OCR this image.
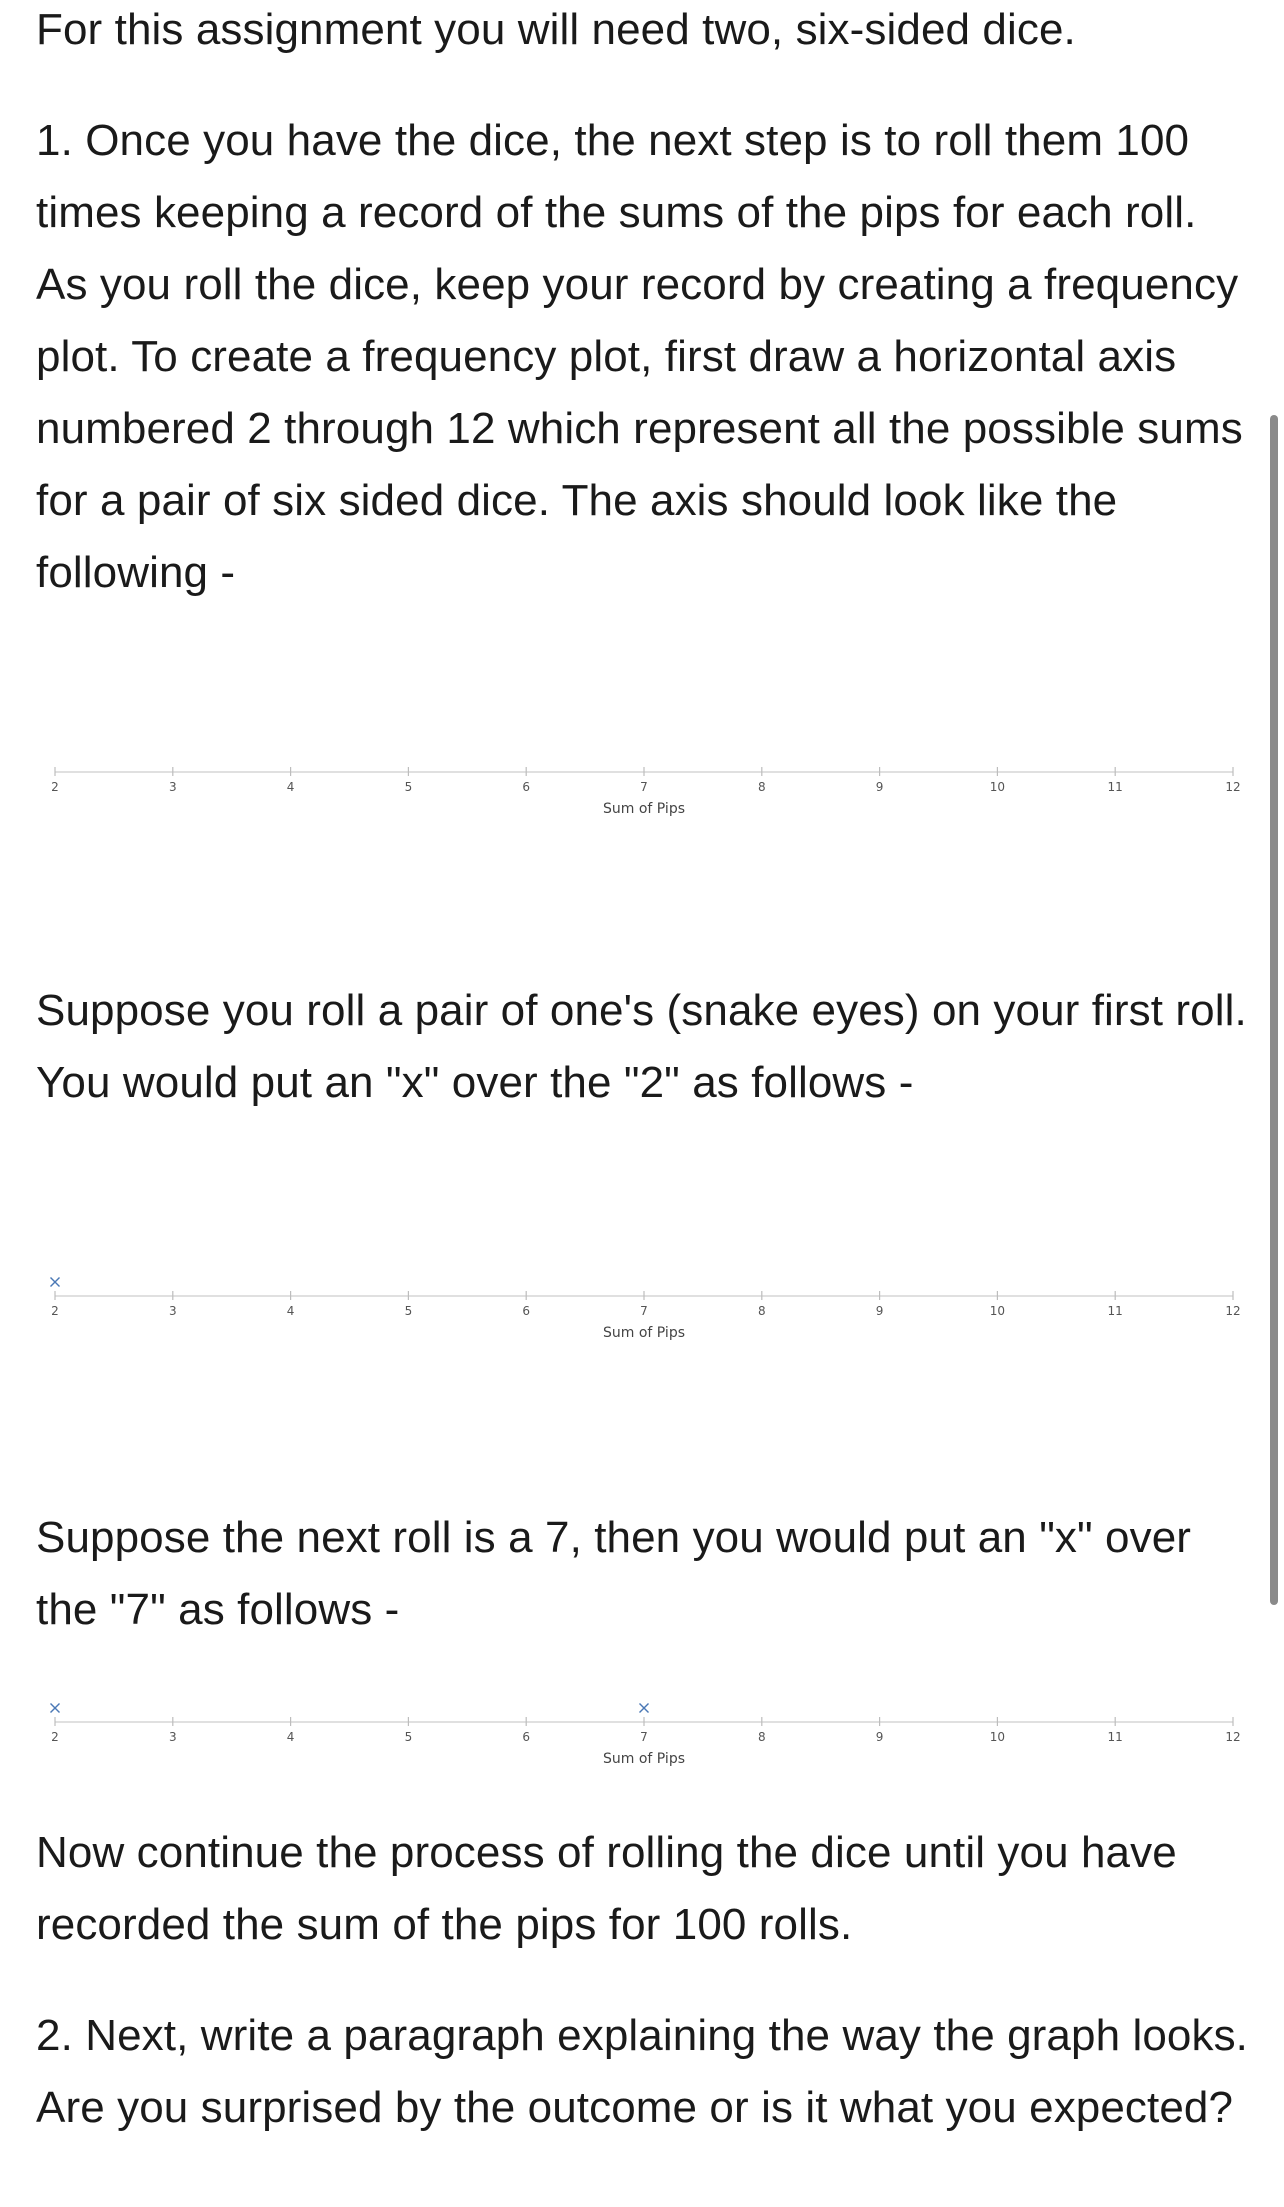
For this assignment you will need two, six-sided dice.

1. Once you have the dice, the next step is to roll them 100 times keeping a record of the sums of the pips for each roll. As you roll the dice, keep your record by creating a frequency plot. To create a frequency plot, first draw a horizontal axis numbered 2 through 12 which represent all the possible sums for a pair of six sided dice. The axis should look like the following -

2	3	4	5	6	7	8	9	10	11	12
Sum of Pips

Suppose you roll a pair of one's (snake eyes) on your first roll. You would put an "x" over the "2" as follows -

2	3	4	5	6	7	8	9	10	11	12
Sum of Pips

Suppose the next roll is a 7, then you would put an "x" over the "7" as follows -

2	3	4	5	6	7	8	9	10	11	12
Sum of Pips

Now continue the process of rolling the dice until you have recorded the sum of the pips for 100 rolls.

2. Next, write a paragraph explaining the way the graph looks. Are you surprised by the outcome or is it what you expected?
